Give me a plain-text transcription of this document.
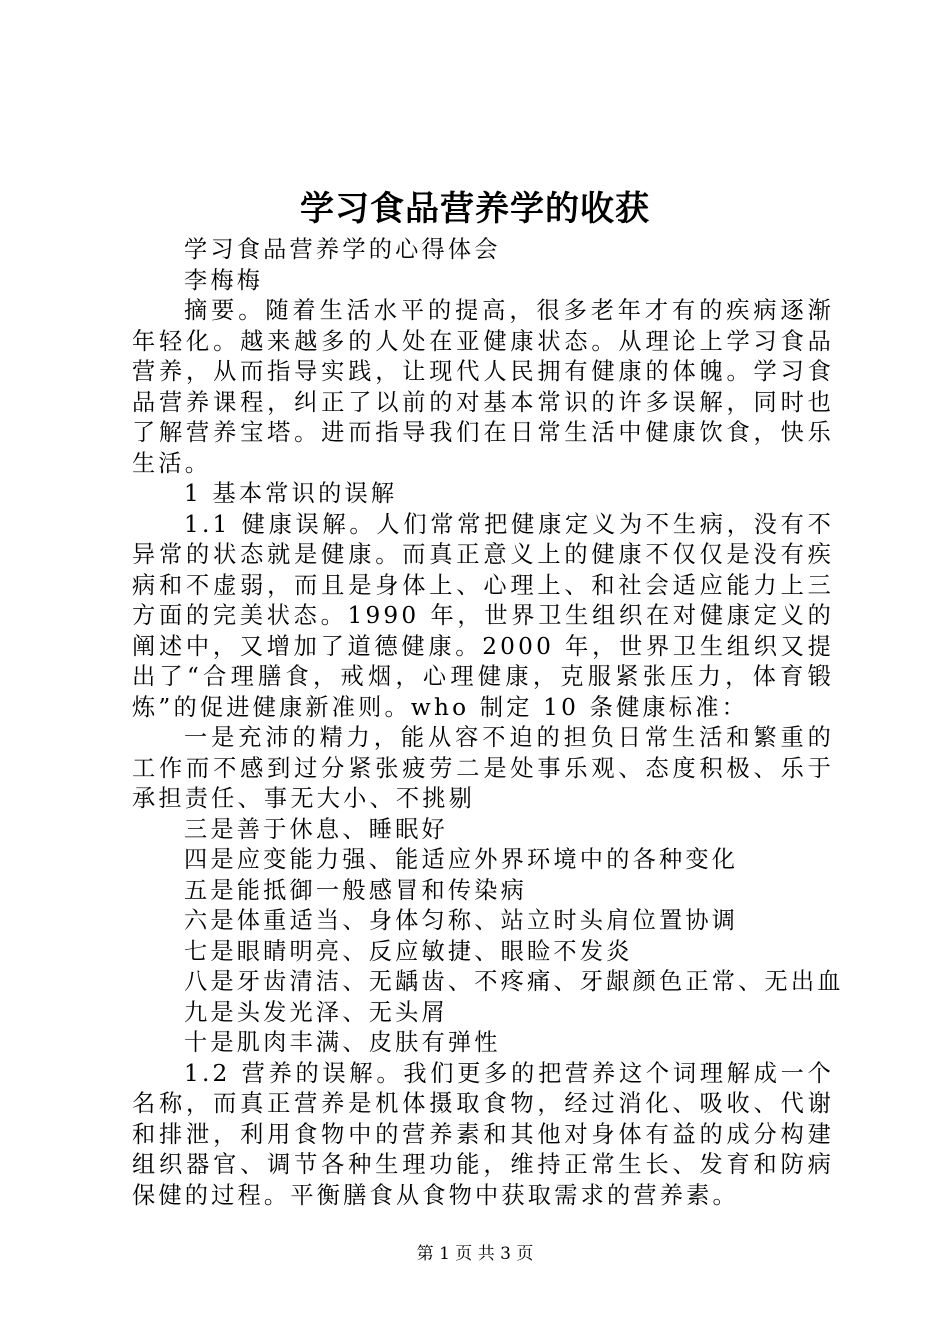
学习食品营养学的收获

学习食品营养学的心得体会

李梅梅

摘要。随着生活水平的提高，很多老年才有的疾病逐渐年轻化。越来越多的人处在亚健康状态。从理论上学习食品营养，从而指导实践，让现代人民拥有健康的体魄。学习食品营养课程，纠正了以前的对基本常识的许多误解，同时也了解营养宝塔。进而指导我们在日常生活中健康饮食，快乐生活。

1 基本常识的误解

1.1 健康误解。人们常常把健康定义为不生病，没有不异常的状态就是健康。而真正意义上的健康不仅仅是没有疾病和不虚弱，而且是身体上、心理上、和社会适应能力上三方面的完美状态。1990 年，世界卫生组织在对健康定义的阐述中，又增加了道德健康。2000 年，世界卫生组织又提出了“合理膳食，戒烟，心理健康，克服紧张压力，体育锻炼”的促进健康新准则。who 制定 10 条健康标准：

一是充沛的精力，能从容不迫的担负日常生活和繁重的工作而不感到过分紧张疲劳二是处事乐观、态度积极、乐于承担责任、事无大小、不挑剔

三是善于休息、睡眠好

四是应变能力强、能适应外界环境中的各种变化

五是能抵御一般感冒和传染病

六是体重适当、身体匀称、站立时头肩位置协调

七是眼睛明亮、反应敏捷、眼睑不发炎

八是牙齿清洁、无龋齿、不疼痛、牙龈颜色正常、无出血

九是头发光泽、无头屑

十是肌肉丰满、皮肤有弹性

1.2 营养的误解。我们更多的把营养这个词理解成一个名称，而真正营养是机体摄取食物，经过消化、吸收、代谢和排泄，利用食物中的营养素和其他对身体有益的成分构建组织器官、调节各种生理功能，维持正常生长、发育和防病保健的过程。平衡膳食从食物中获取需求的营养素。

第 1 页 共 3 页
